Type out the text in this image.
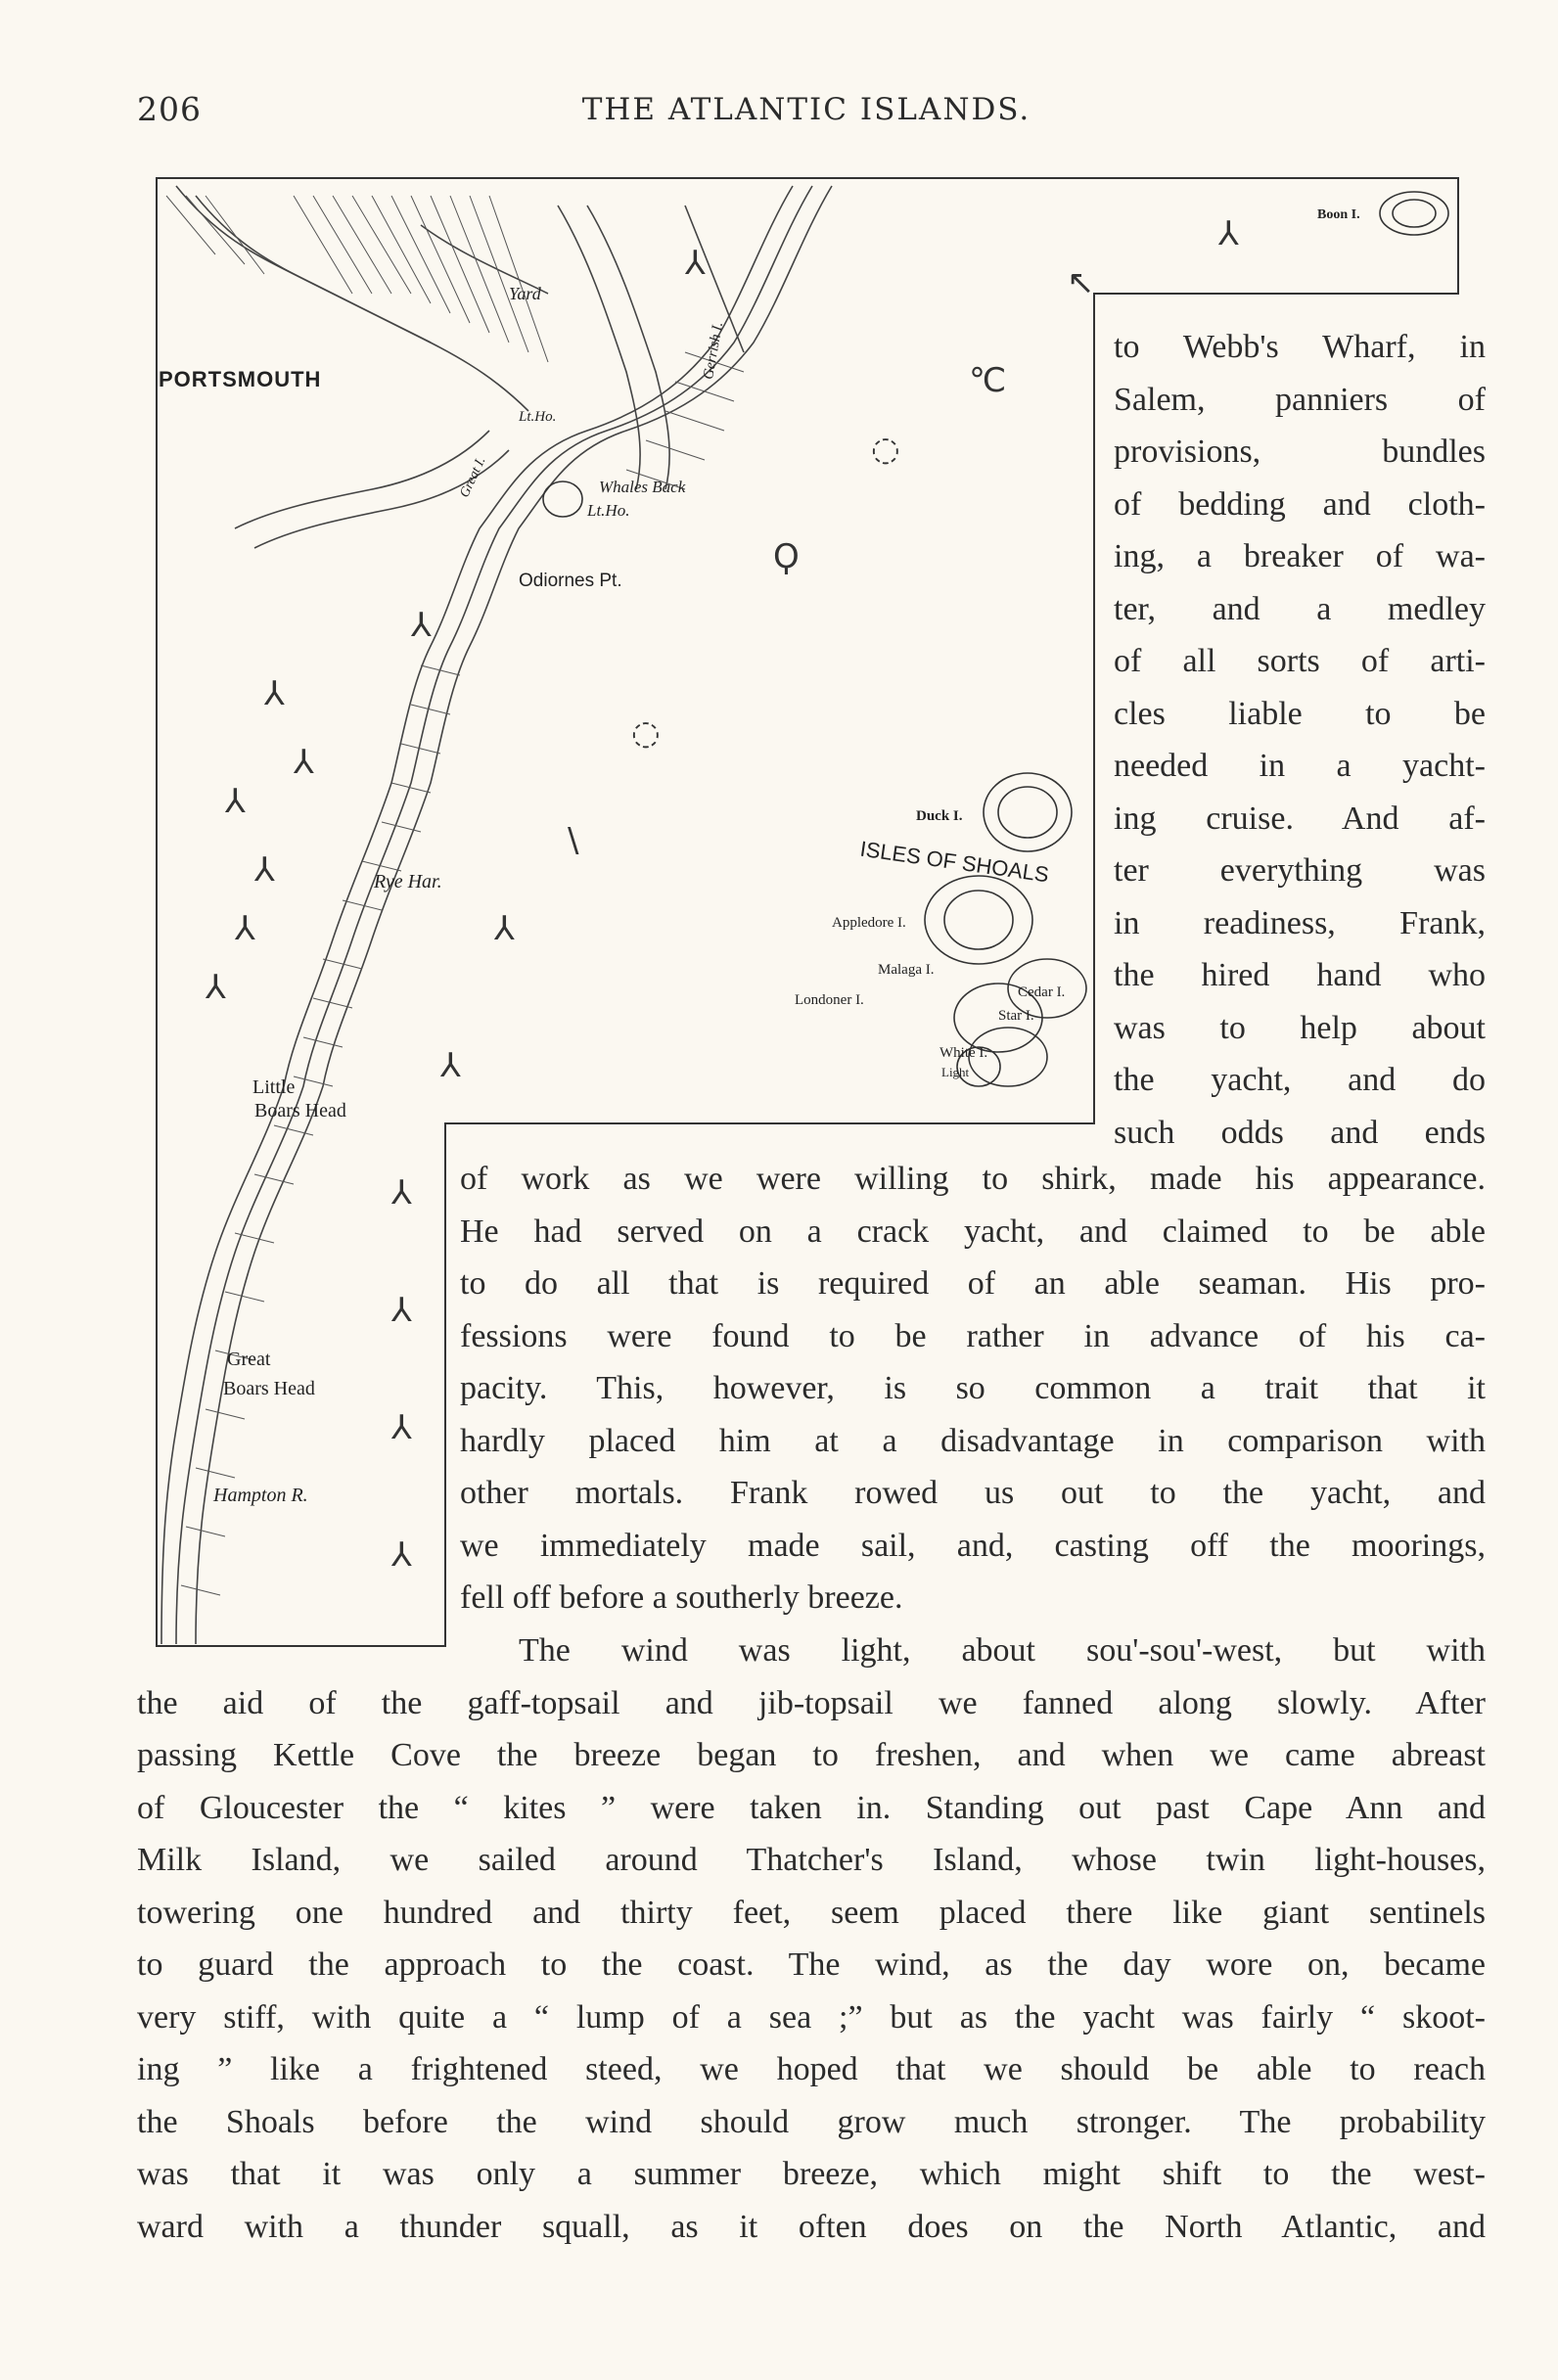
206	THE ATLANTIC ISLANDS.
⅄
↖
℃
◌
Ϙ
◌
\
⅄
⅄
⅄
⅄
⅄
⅄
⅄
⅄
⅄
⅄
⅄
⅄
⅄
⅄
PORTSMOUTH
Whales Back
Lt.Ho.
Odiornes Pt.
Rye Har.
Little
Boars Head
Great
Boars Head
Hampton R.
Duck I.
ISLES OF SHOALS
Appledore I.
Malaga I.
Cedar I.
Londoner I.
Star I.
White I.
Light
Boon I.
Lt.Ho.
Yard
Great I.
Gerrish I.	to Webb's Wharf, in
Salem, panniers of
provisions, bundles
of bedding and cloth-
ing, a breaker of wa-
ter, and a medley
of all sorts of arti-
cles liable to be
needed in a yacht-
ing cruise. And af-
ter everything was
in readiness, Frank,
the hired hand who
was to help about
the yacht, and do
such odds and ends
of work as we were willing to shirk, made his appearance.
He had served on a crack yacht, and claimed to be able
to do all that is required of an able seaman. His pro-
fessions were found to be rather in advance of his ca-
pacity. This, however, is so common a trait that it
hardly placed him at a disadvantage in comparison with
other mortals. Frank rowed us out to the yacht, and
we immediately made sail, and, casting off the moorings,
fell off before a southerly breeze.
The wind was light, about sou'-sou'-west, but with
the aid of the gaff-topsail and jib-topsail we fanned along slowly. After
passing Kettle Cove the breeze began to freshen, and when we came abreast
of Gloucester the “ kites ” were taken in. Standing out past Cape Ann and
Milk Island, we sailed around Thatcher's Island, whose twin light-houses,
towering one hundred and thirty feet, seem placed there like giant sentinels
to guard the approach to the coast. The wind, as the day wore on, became
very stiff, with quite a “ lump of a sea ;” but as the yacht was fairly “ skoot-
ing ” like a frightened steed, we hoped that we should be able to reach
the Shoals before the wind should grow much stronger. The probability
was that it was only a summer breeze, which might shift to the west-
ward with a thunder squall, as it often does on the North Atlantic, and
